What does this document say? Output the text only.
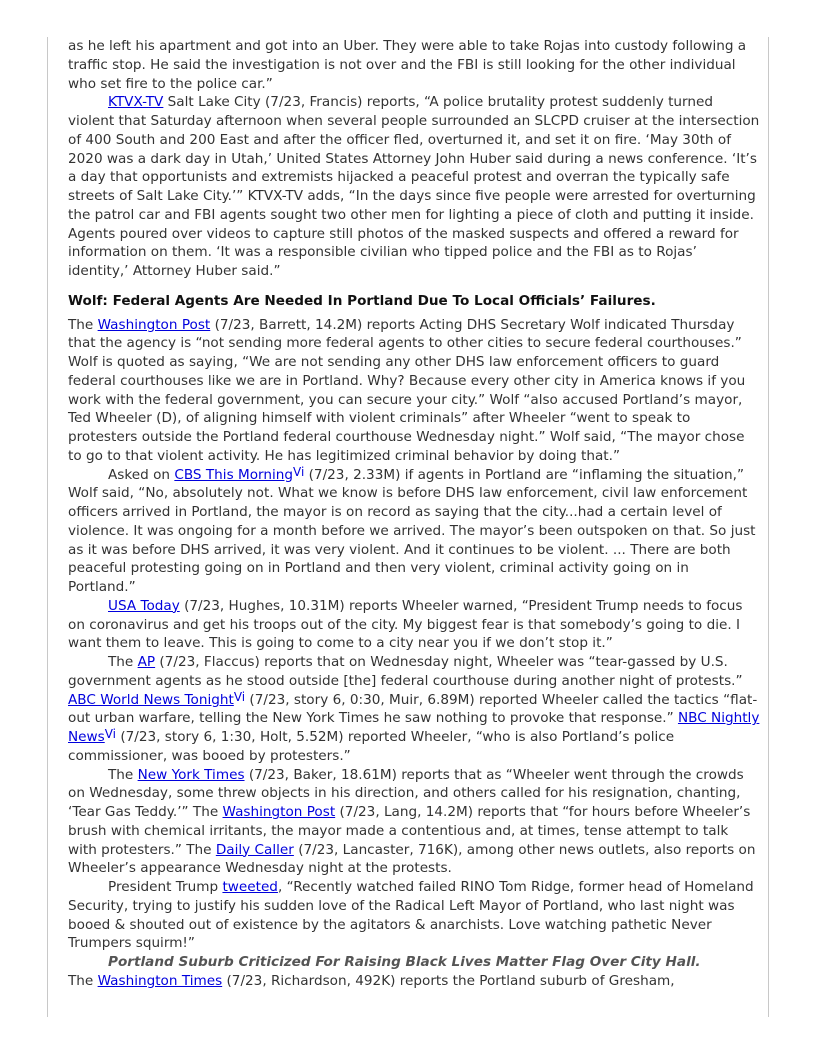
as he left his apartment and got into an Uber. They were able to take Rojas into custody following a traffic stop. He said the investigation is not over and the FBI is still looking for the other individual who set fire to the police car.”

KTVX-TV Salt Lake City (7/23, Francis) reports, “A police brutality protest suddenly turned violent that Saturday afternoon when several people surrounded an SLCPD cruiser at the intersection of 400 South and 200 East and after the officer fled, overturned it, and set it on fire. ‘May 30th of 2020 was a dark day in Utah,’ United States Attorney John Huber said during a news conference. ‘It’s a day that opportunists and extremists hijacked a peaceful protest and overran the typically safe streets of Salt Lake City.’” KTVX-TV adds, “In the days since five people were arrested for overturning the patrol car and FBI agents sought two other men for lighting a piece of cloth and putting it inside. Agents poured over videos to capture still photos of the masked suspects and offered a reward for information on them. ‘It was a responsible civilian who tipped police and the FBI as to Rojas’ identity,’ Attorney Huber said.”

Wolf: Federal Agents Are Needed In Portland Due To Local Officials’ Failures.

The Washington Post (7/23, Barrett, 14.2M) reports Acting DHS Secretary Wolf indicated Thursday that the agency is “not sending more federal agents to other cities to secure federal courthouses.” Wolf is quoted as saying, “We are not sending any other DHS law enforcement officers to guard federal courthouses like we are in Portland. Why? Because every other city in America knows if you work with the federal government, you can secure your city.” Wolf “also accused Portland’s mayor, Ted Wheeler (D), of aligning himself with violent criminals” after Wheeler “went to speak to protesters outside the Portland federal courthouse Wednesday night.” Wolf said, “The mayor chose to go to that violent activity. He has legitimized criminal behavior by doing that.”

Asked on CBS This Morning$^{Vi}$ (7/23, 2.33M) if agents in Portland are “inflaming the situation,” Wolf said, “No, absolutely not. What we know is before DHS law enforcement, civil law enforcement officers arrived in Portland, the mayor is on record as saying that the city...had a certain level of violence. It was ongoing for a month before we arrived. The mayor’s been outspoken on that. So just as it was before DHS arrived, it was very violent. And it continues to be violent. ... There are both peaceful protesting going on in Portland and then very violent, criminal activity going on in Portland.”

USA Today (7/23, Hughes, 10.31M) reports Wheeler warned, “President Trump needs to focus on coronavirus and get his troops out of the city. My biggest fear is that somebody’s going to die. I want them to leave. This is going to come to a city near you if we don’t stop it.”

The AP (7/23, Flaccus) reports that on Wednesday night, Wheeler was “tear-gassed by U.S. government agents as he stood outside [the] federal courthouse during another night of protests.” ABC World News Tonight$^{Vi}$ (7/23, story 6, 0:30, Muir, 6.89M) reported Wheeler called the tactics “flat-out urban warfare, telling the New York Times he saw nothing to provoke that response.” NBC Nightly News$^{Vi}$ (7/23, story 6, 1:30, Holt, 5.52M) reported Wheeler, “who is also Portland’s police commissioner, was booed by protesters.”

The New York Times (7/23, Baker, 18.61M) reports that as “Wheeler went through the crowds on Wednesday, some threw objects in his direction, and others called for his resignation, chanting, ‘Tear Gas Teddy.’” The Washington Post (7/23, Lang, 14.2M) reports that “for hours before Wheeler’s brush with chemical irritants, the mayor made a contentious and, at times, tense attempt to talk with protesters.” The Daily Caller (7/23, Lancaster, 716K), among other news outlets, also reports on Wheeler’s appearance Wednesday night at the protests.

President Trump tweeted, “Recently watched failed RINO Tom Ridge, former head of Homeland Security, trying to justify his sudden love of the Radical Left Mayor of Portland, who last night was booed & shouted out of existence by the agitators & anarchists. Love watching pathetic Never Trumpers squirm!”

Portland Suburb Criticized For Raising Black Lives Matter Flag Over City Hall.

The Washington Times (7/23, Richardson, 492K) reports the Portland suburb of Gresham,
